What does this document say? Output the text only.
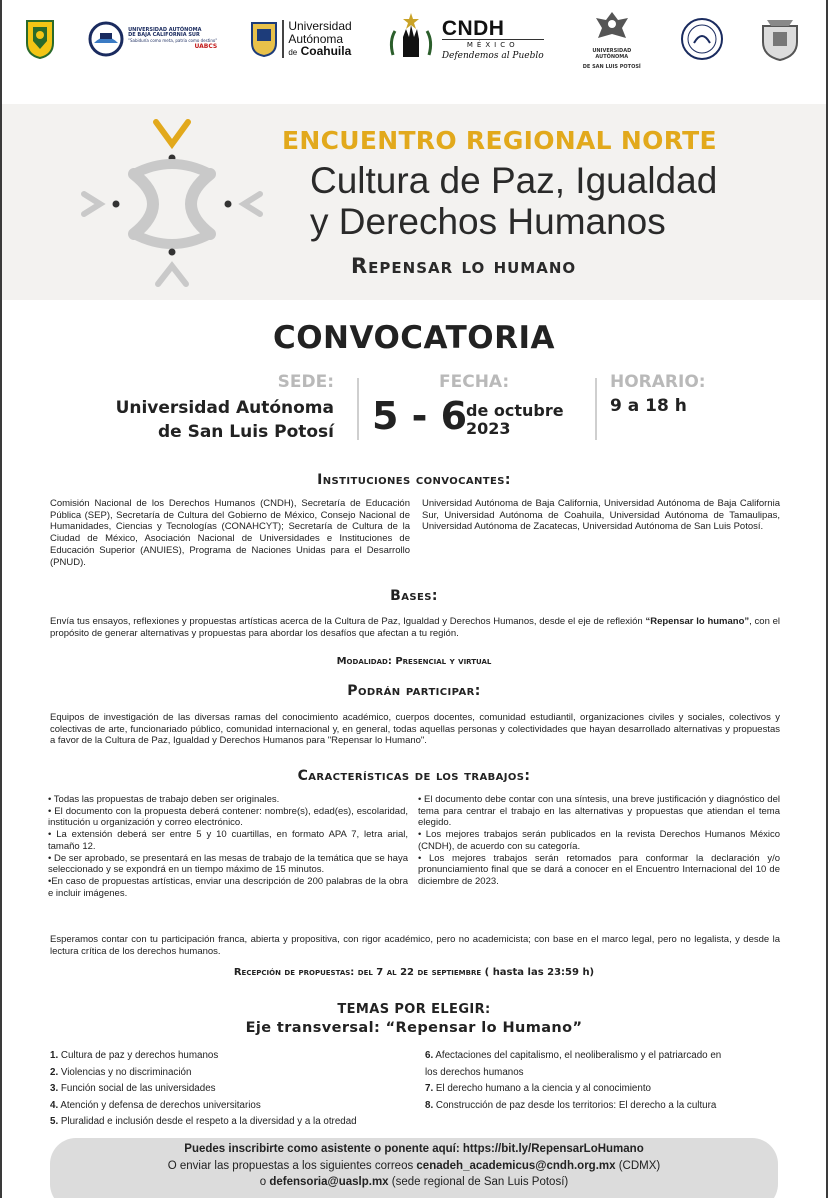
UNIVERSIDAD AUTÓNOMA
DE BAJA CALIFORNIA SUR
"Sabiduría como meta, patria como destino"
UABCS
Universidad
Autónoma
de Coahuila
CNDH
MÉXICO
Defendemos al Pueblo	UNIVERSIDAD AUTÓNOMA
DE SAN LUIS POTOSÍ
ENCUENTRO REGIONAL NORTE
Cultura de Paz, Igualdad
y Derechos Humanos
Repensar lo humano
CONVOCATORIA
SEDE:
Universidad Autónoma
de San Luis Potosí
FECHA:
5 - 6
de octubre
2023
HORARIO:
9 a 18 h
Instituciones convocantes:
Comisión Nacional de los Derechos Humanos (CNDH), Secretaría de Educación Pública (SEP), Secretaría de Cultura del Gobierno de México, Consejo Nacional de Humanidades, Ciencias y Tecnologías (CONAHCYT); Secretaría de Cultura de la Ciudad de México, Asociación Nacional de Universidades e Instituciones de Educación Superior (ANUIES), Programa de Naciones Unidas para el Desarrollo (PNUD).
Universidad Autónoma de Baja California, Universidad Autónoma de Baja California Sur, Universidad Autónoma de Coahuila, Universidad Autónoma de Tamaulipas, Universidad Autónoma de Zacatecas, Universidad Autónoma de San Luis Potosí.
Bases:
Envía tus ensayos, reflexiones y propuestas artísticas acerca de la Cultura de Paz, Igualdad y Derechos Humanos, desde el eje de reflexión “Repensar lo humano”, con el propósito de generar alternativas y propuestas para abordar los desafíos que afectan a tu región.
Modalidad: Presencial y virtual
Podrán participar:
Equipos de investigación de las diversas ramas del conocimiento académico, cuerpos docentes, comunidad estudiantil, organizaciones civiles y sociales, colectivos y colectivas de arte, funcionariado público, comunidad internacional y, en general, todas aquellas personas y colectividades que hayan desarrollado alternativas y propuestas a favor de la Cultura de Paz, Igualdad y Derechos Humanos para "Repensar lo Humano".
Características de los trabajos:
• Todas las propuestas de trabajo deben ser originales.
• El documento con la propuesta deberá contener: nombre(s), edad(es), escolaridad, institución u organización y correo electrónico.
• La extensión deberá ser entre 5 y 10 cuartillas, en formato APA 7, letra arial, tamaño 12.
• De ser aprobado, se presentará en las mesas de trabajo de la temática que se haya seleccionado y se expondrá en un tiempo máximo de 15 minutos.
•En caso de propuestas artísticas, enviar una descripción de 200 palabras de la obra e incluir imágenes.
• El documento debe contar con una síntesis, una breve justificación y diagnóstico del tema para centrar el trabajo en las alternativas y propuestas que atiendan el tema elegido.
• Los mejores trabajos serán publicados en la revista Derechos Humanos México (CNDH), de acuerdo con su categoría.
• Los mejores trabajos serán retomados para conformar la declaración y/o pronunciamiento final que se dará a conocer en el Encuentro Internacional del 10 de diciembre de 2023.
Esperamos contar con tu participación franca, abierta y propositiva, con rigor académico, pero no academicista; con base en el marco legal, pero no legalista, y desde la lectura crítica de los derechos humanos.
Recepción de propuestas: del 7 al 22 de septiembre ( hasta las 23:59 h)
TEMAS POR ELEGIR:
Eje transversal: “Repensar lo Humano”
1. Cultura de paz y derechos humanos
2. Violencias y no discriminación
3. Función social de las universidades
4. Atención y defensa de derechos universitarios
5. Pluralidad e inclusión desde el respeto a la diversidad y a la otredad
6. Afectaciones del capitalismo, el neoliberalismo y el patriarcado en
los derechos humanos
7. El derecho humano a la ciencia y al conocimiento
8. Construcción de paz desde los territorios: El derecho a la cultura
Puedes inscribirte como asistente o ponente aquí: https://bit.ly/RepensarLoHumano
O enviar las propuestas a los siguientes correos cenadeh_academicus@cndh.org.mx (CDMX)
o defensoria@uaslp.mx (sede regional de San Luis Potosí)
